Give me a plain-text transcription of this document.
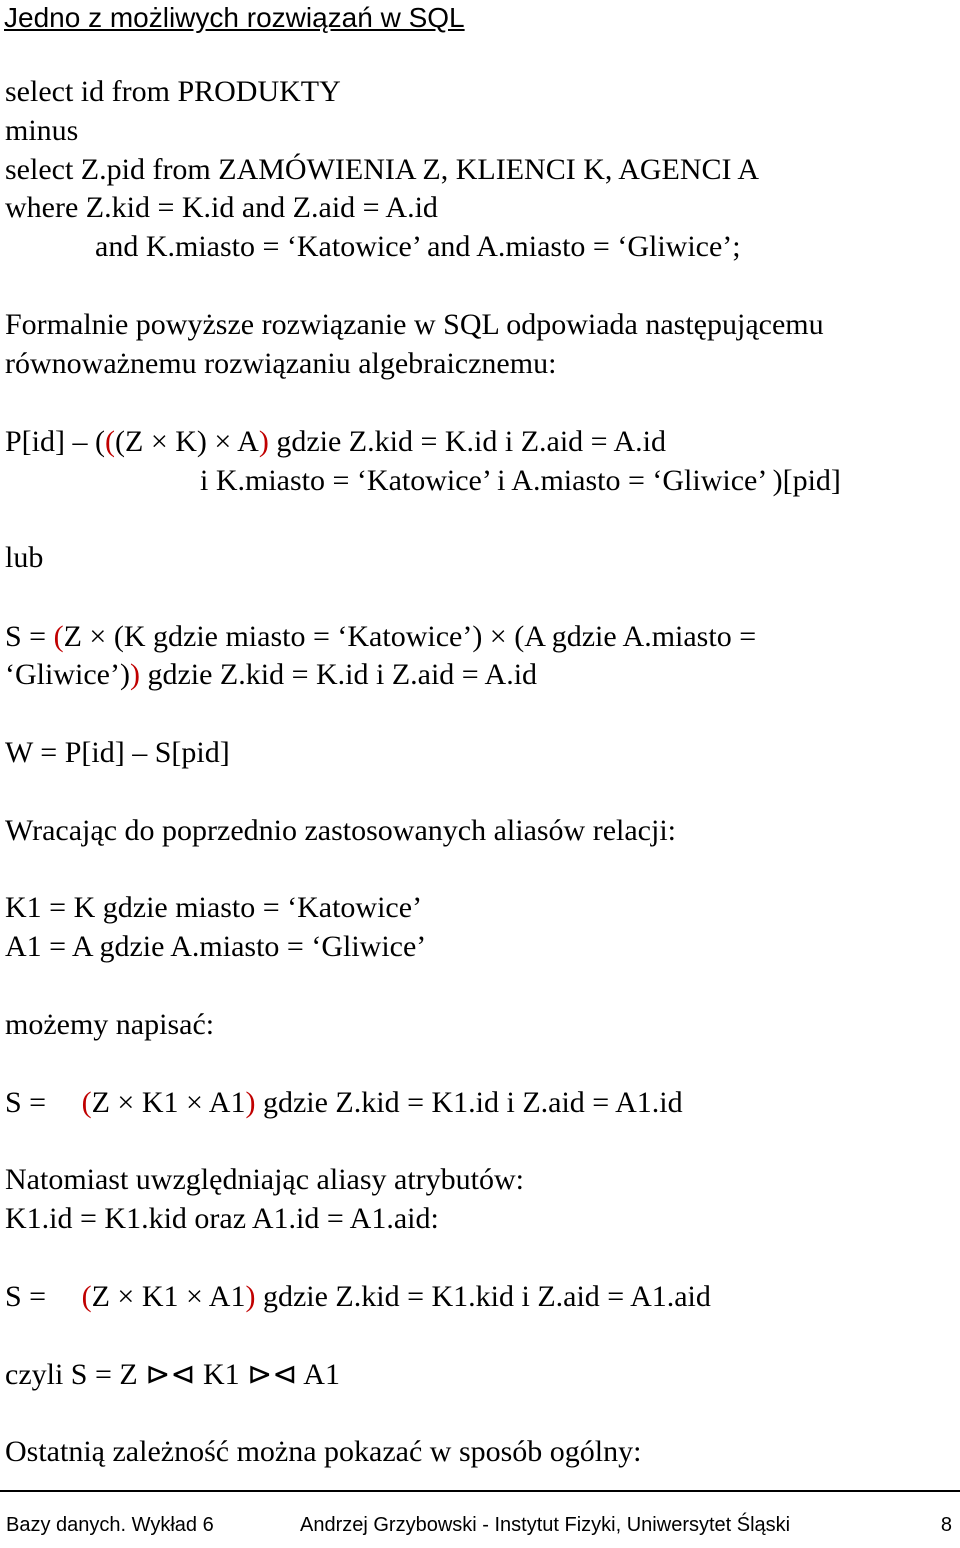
Jedno z możliwych rozwiązań w SQL
select id from PRODUKTY
minus
select Z.pid from ZAMÓWIENIA Z, KLIENCI K, AGENCI A
where Z.kid = K.id and Z.aid = A.id
and K.miasto = ‘Katowice’ and A.miasto = ‘Gliwice’;
Formalnie powyższe rozwiązanie w SQL odpowiada następującemu
równoważnemu rozwiązaniu algebraicznemu:
P[id] – (((Z × K) × A) gdzie Z.kid = K.id i Z.aid = A.id
i K.miasto = ‘Katowice’ i A.miasto = ‘Gliwice’ )[pid]
lub
S = (Z × (K gdzie miasto = ‘Katowice’) × (A gdzie A.miasto =
‘Gliwice’)) gdzie Z.kid = K.id i Z.aid = A.id
W = P[id] – S[pid]
Wracając do poprzednio zastosowanych aliasów relacji:
K1 = K gdzie miasto = ‘Katowice’
A1 = A gdzie A.miasto = ‘Gliwice’
możemy napisać:
S = (Z × K1 × A1) gdzie Z.kid = K1.id i Z.aid = A1.id
Natomiast uwzględniając aliasy atrybutów:
K1.id = K1.kid oraz A1.id = A1.aid:
S = (Z × K1 × A1) gdzie Z.kid = K1.kid i Z.aid = A1.aid
czyli S = Z ⊳⊲ K1 ⊳⊲ A1
Ostatnią zależność można pokazać w sposób ogólny:
Bazy danych. Wykład 6	Andrzej Grzybowski - Instytut Fizyki, Uniwersytet Śląski	8
